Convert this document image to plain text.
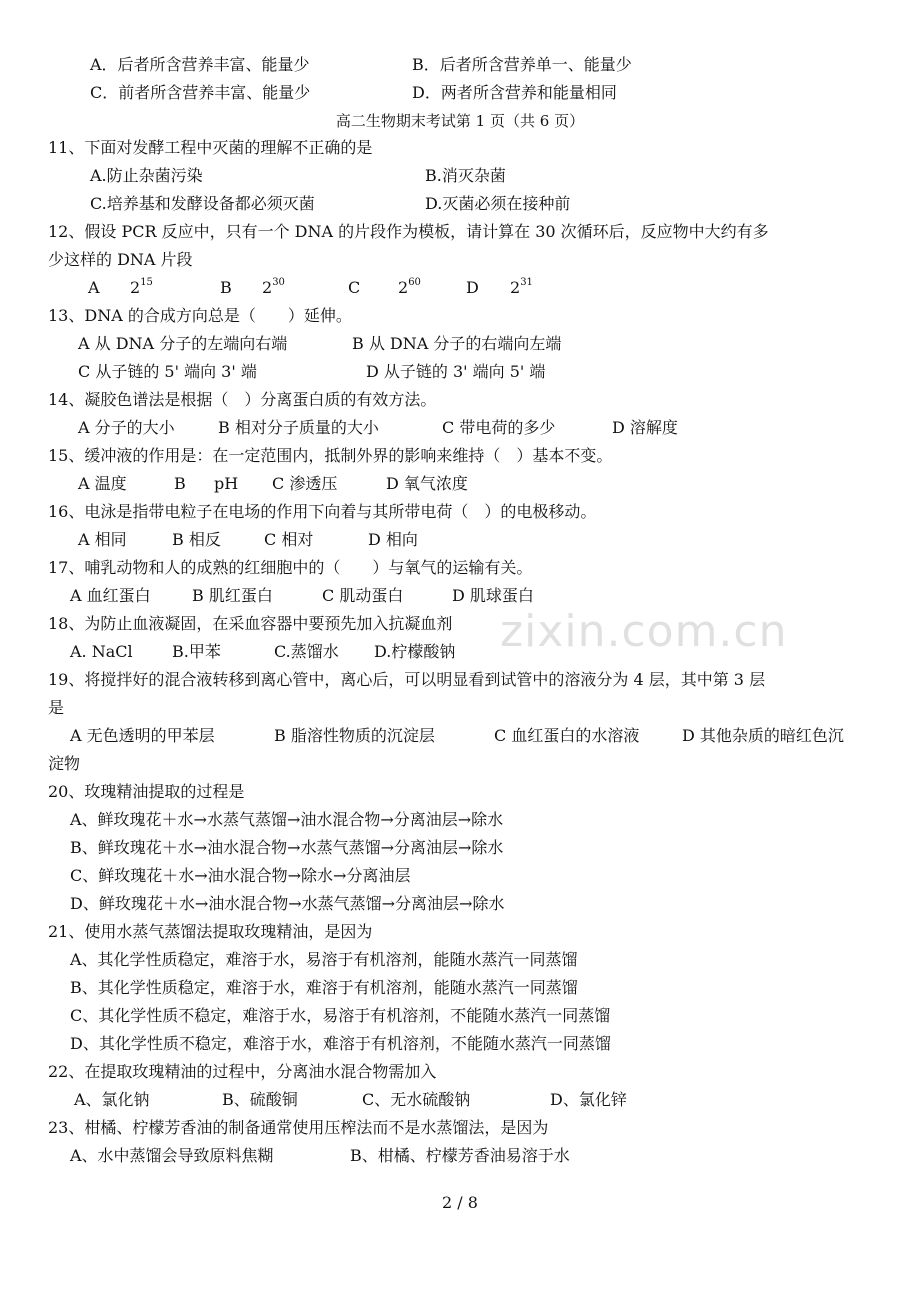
zixin.com.cn
A．后者所含营养丰富、能量少	B．后者所含营养单一、能量少
C．前者所含营养丰富、能量少	D．两者所含营养和能量相同
高二生物期末考试第 1 页（共 6 页）
11、下面对发酵工程中灭菌的理解不正确的是
A.防止杂菌污染	B.消灭杂菌
C.培养基和发酵设备都必须灭菌	D.灭菌必须在接种前
12、假设 PCR 反应中，只有一个 DNA 的片段作为模板，请计算在 30 次循环后，反应物中大约有多
少这样的 DNA 片段
A $2^{15}$	B $2^{30}$	C $2^{60}$	D $2^{31}$
13、DNA 的合成方向总是（　　）延伸。
A 从 DNA 分子的左端向右端	B 从 DNA 分子的右端向左端
C 从子链的 5' 端向 3' 端	D 从子链的 3' 端向 5' 端
14、凝胶色谱法是根据（　）分离蛋白质的有效方法。
A 分子的大小	B 相对分子质量的大小	C 带电荷的多少	D 溶解度
15、缓冲液的作用是：在一定范围内，抵制外界的影响来维持（　）基本不变。
A 温度	B pH C 渗透压	D 氧气浓度
16、电泳是指带电粒子在电场的作用下向着与其所带电荷（　）的电极移动。
A 相同	B 相反	C 相对	D 相向
17、哺乳动物和人的成熟的红细胞中的（　　）与氧气的运输有关。
A 血红蛋白	B 肌红蛋白	C 肌动蛋白	D 肌球蛋白
18、为防止血液凝固，在采血容器中要预先加入抗凝血剂
A. NaCl B.甲苯	C.蒸馏水 D.柠檬酸钠
19、将搅拌好的混合液转移到离心管中，离心后，可以明显看到试管中的溶液分为 4 层，其中第 3 层
是
A 无色透明的甲苯层	B 脂溶性物质的沉淀层	C 血红蛋白的水溶液	D 其他杂质的暗红色沉
淀物
20、玫瑰精油提取的过程是
A、鲜玫瑰花＋水→水蒸气蒸馏→油水混合物→分离油层→除水
B、鲜玫瑰花＋水→油水混合物→水蒸气蒸馏→分离油层→除水
C、鲜玫瑰花＋水→油水混合物→除水→分离油层
D、鲜玫瑰花＋水→油水混合物→水蒸气蒸馏→分离油层→除水
21、使用水蒸气蒸馏法提取玫瑰精油，是因为
A、其化学性质稳定，难溶于水，易溶于有机溶剂，能随水蒸汽一同蒸馏
B、其化学性质稳定，难溶于水，难溶于有机溶剂，能随水蒸汽一同蒸馏
C、其化学性质不稳定，难溶于水，易溶于有机溶剂，不能随水蒸汽一同蒸馏
D、其化学性质不稳定，难溶于水，难溶于有机溶剂，不能随水蒸汽一同蒸馏
22、在提取玫瑰精油的过程中，分离油水混合物需加入
A、氯化钠	B、硫酸铜	C、无水硫酸钠	D、氯化锌
23、柑橘、柠檬芳香油的制备通常使用压榨法而不是水蒸馏法，是因为
A、水中蒸馏会导致原料焦糊	B、柑橘、柠檬芳香油易溶于水
2 / 8
